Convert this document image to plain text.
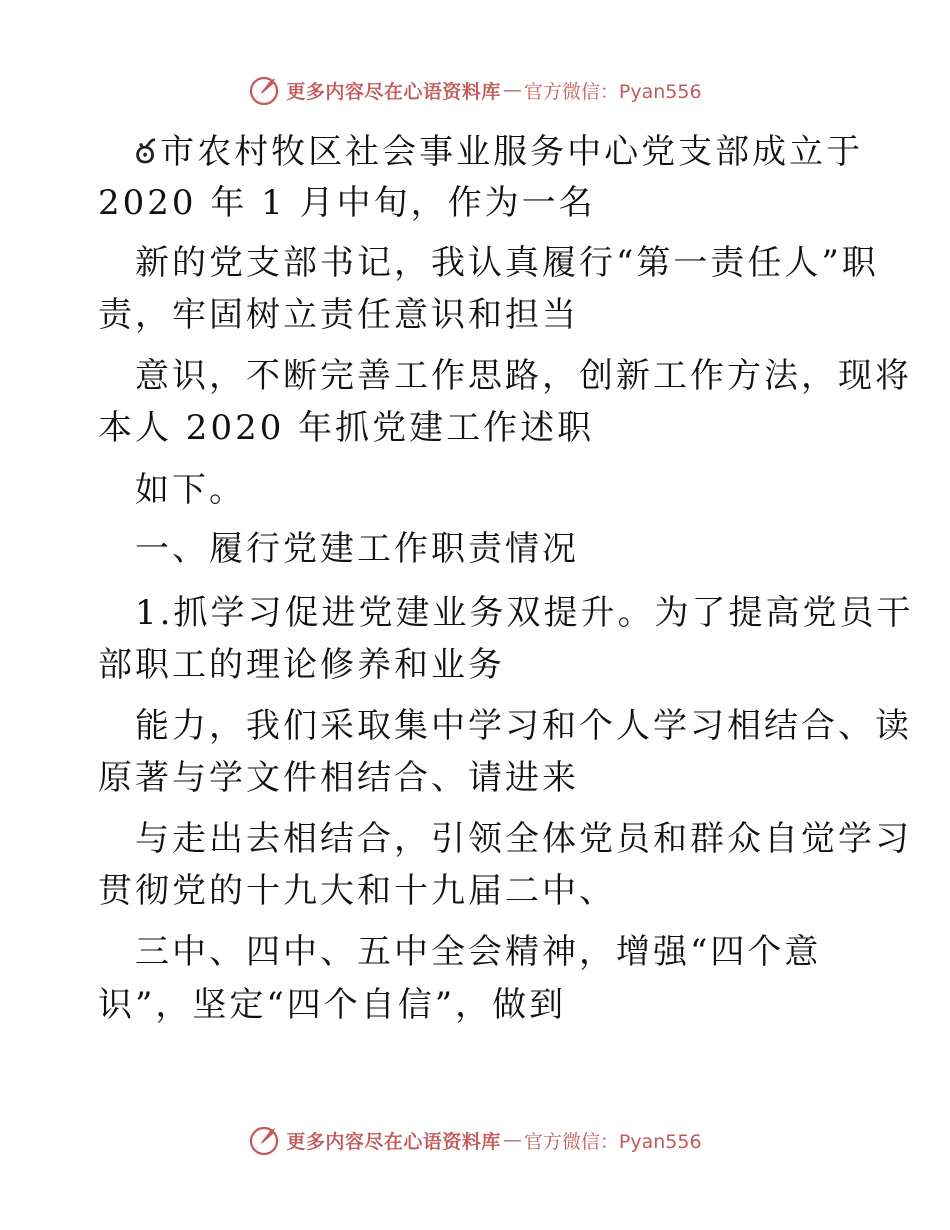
更多内容尽在心语资料库 — 官方微信：Pyan556
ఠ市农村牧区社会事业服务中心党支部成立于
2020 年 1 月中旬，作为一名
新的党支部书记，我认真履行“第一责任人”职
责，牢固树立责任意识和担当
意识，不断完善工作思路，创新工作方法，现将
本人 2020 年抓党建工作述职
如下。
一、履行党建工作职责情况
1.抓学习促进党建业务双提升。为了提高党员干
部职工的理论修养和业务
能力，我们采取集中学习和个人学习相结合、读
原著与学文件相结合、请进来
与走出去相结合，引领全体党员和群众自觉学习
贯彻党的十九大和十九届二中、
三中、四中、五中全会精神，增强“四个意
识”，坚定“四个自信”，做到
更多内容尽在心语资料库 — 官方微信：Pyan556
